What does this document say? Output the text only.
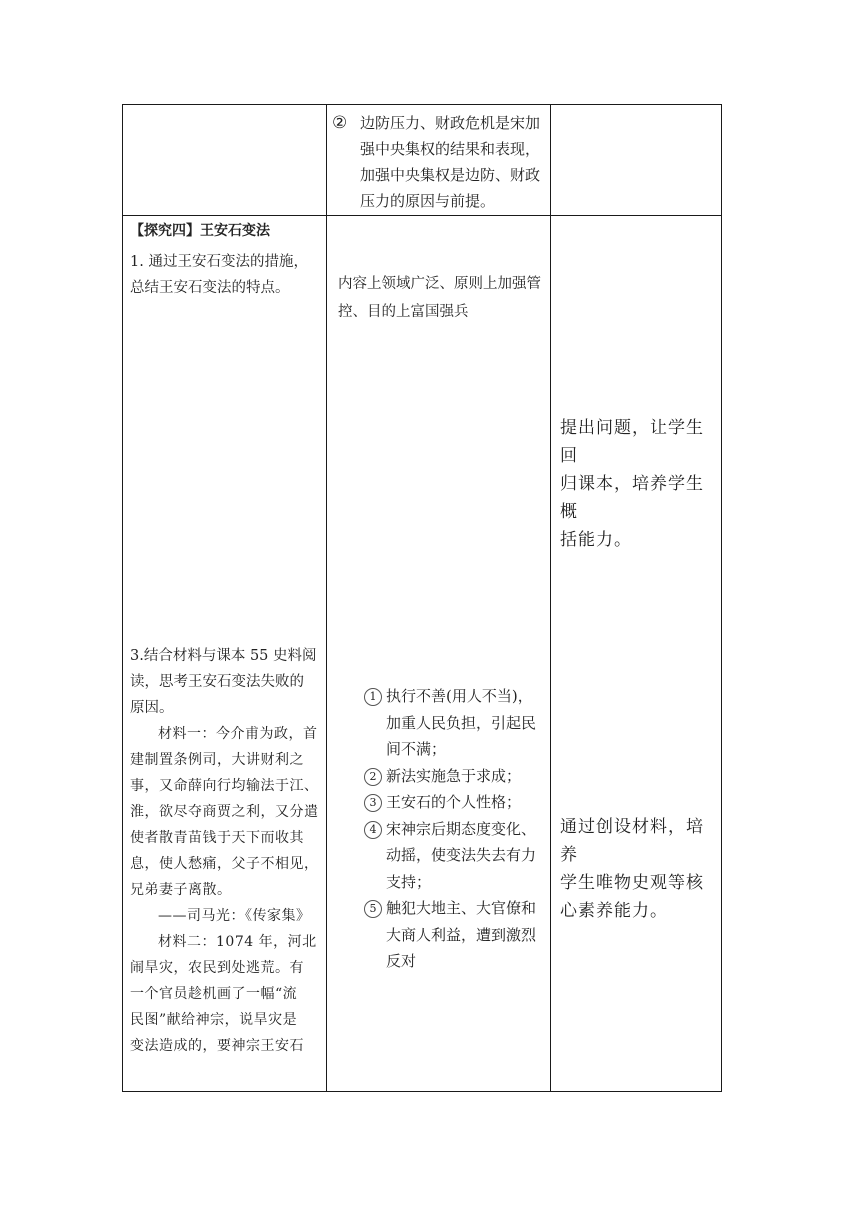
② 边防压力、财政危机是宋加
强中央集权的结果和表现，
加强中央集权是边防、财政
压力的原因与前提。
【探究四】王安石变法
1. 通过王安石变法的措施，
总结王安石变法的特点。
3.结合材料与课本 55 史料阅
读，思考王安石变法失败的
原因。
材料一：今介甫为政，首
建制置条例司，大讲财利之
事，又命薛向行均输法于江、
淮，欲尽夺商贾之利，又分遣
使者散青苗钱于天下而收其
息，使人愁痛，父子不相见，
兄弟妻子离散。
——司马光：《传家集》
材料二：1074 年，河北
闹旱灾，农民到处逃荒。有
一个官员趁机画了一幅“流
民图”献给神宗，说旱灾是
变法造成的，要神宗王安石
内容上领域广泛、原则上加强管
控、目的上富国强兵
1 执行不善(用人不当)，
加重人民负担，引起民
间不满；
2 新法实施急于求成；
3 王安石的个人性格；
4 宋神宗后期态度变化、
动摇，使变法失去有力
支持；
5 触犯大地主、大官僚和
大商人利益，遭到激烈
反对
提出问题，让学生回
归课本，培养学生概
括能力。
通过创设材料，培养
学生唯物史观等核
心素养能力。
